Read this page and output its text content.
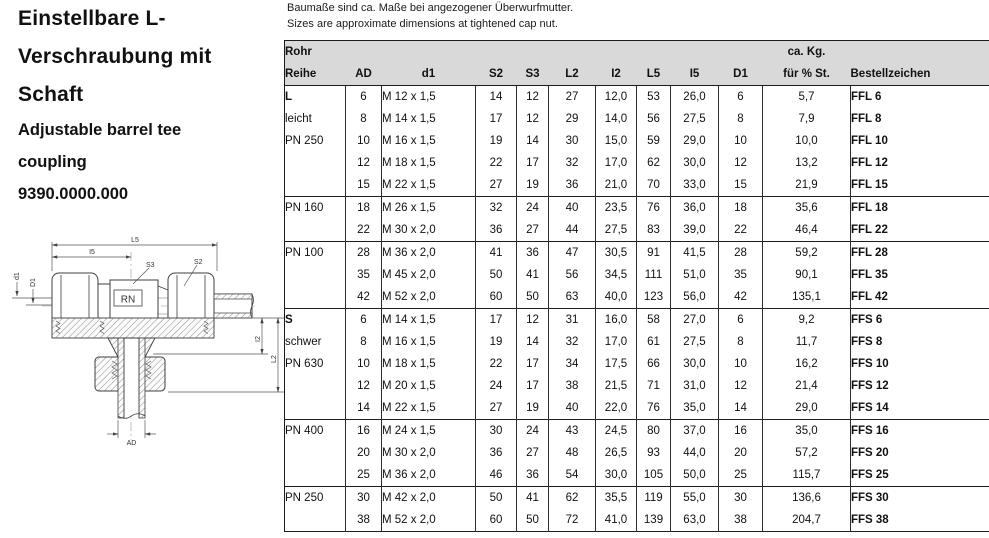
Einstellbare L-
Verschraubung mit
Schaft
Adjustable barrel tee
coupling
9390.0000.000
Baumaße sind ca. Maße bei angezogener Überwurfmutter.
Sizes are approximate dimensions at tightened cap nut.
RN
L5
I5
S3	S2
d1
D1
I2
L2
AD
Rohr										ca. Kg.	
Reihe	AD	d1	S2	S3	L2	I2	L5	I5	D1	für % St.	Bestellzeichen
L	6	M 12 x 1,5	14	12	27	12,0	53	26,0	6	5,7	FFL 6
leicht	8	M 14 x 1,5	17	12	29	14,0	56	27,5	8	7,9	FFL 8
PN 250	10	M 16 x 1,5	19	14	30	15,0	59	29,0	10	10,0	FFL 10
	12	M 18 x 1,5	22	17	32	17,0	62	30,0	12	13,2	FFL 12
	15	M 22 x 1,5	27	19	36	21,0	70	33,0	15	21,9	FFL 15
PN 160	18	M 26 x 1,5	32	24	40	23,5	76	36,0	18	35,6	FFL 18
	22	M 30 x 2,0	36	27	44	27,5	83	39,0	22	46,4	FFL 22
PN 100	28	M 36 x 2,0	41	36	47	30,5	91	41,5	28	59,2	FFL 28
	35	M 45 x 2,0	50	41	56	34,5	111	51,0	35	90,1	FFL 35
	42	M 52 x 2,0	60	50	63	40,0	123	56,0	42	135,1	FFL 42
S	6	M 14 x 1,5	17	12	31	16,0	58	27,0	6	9,2	FFS 6
schwer	8	M 16 x 1,5	19	14	32	17,0	61	27,5	8	11,7	FFS 8
PN 630	10	M 18 x 1,5	22	17	34	17,5	66	30,0	10	16,2	FFS 10
	12	M 20 x 1,5	24	17	38	21,5	71	31,0	12	21,4	FFS 12
	14	M 22 x 1,5	27	19	40	22,0	76	35,0	14	29,0	FFS 14
PN 400	16	M 24 x 1,5	30	24	43	24,5	80	37,0	16	35,0	FFS 16
	20	M 30 x 2,0	36	27	48	26,5	93	44,0	20	57,2	FFS 20
	25	M 36 x 2,0	46	36	54	30,0	105	50,0	25	115,7	FFS 25
PN 250	30	M 42 x 2,0	50	41	62	35,5	119	55,0	30	136,6	FFS 30
	38	M 52 x 2,0	60	50	72	41,0	139	63,0	38	204,7	FFS 38
